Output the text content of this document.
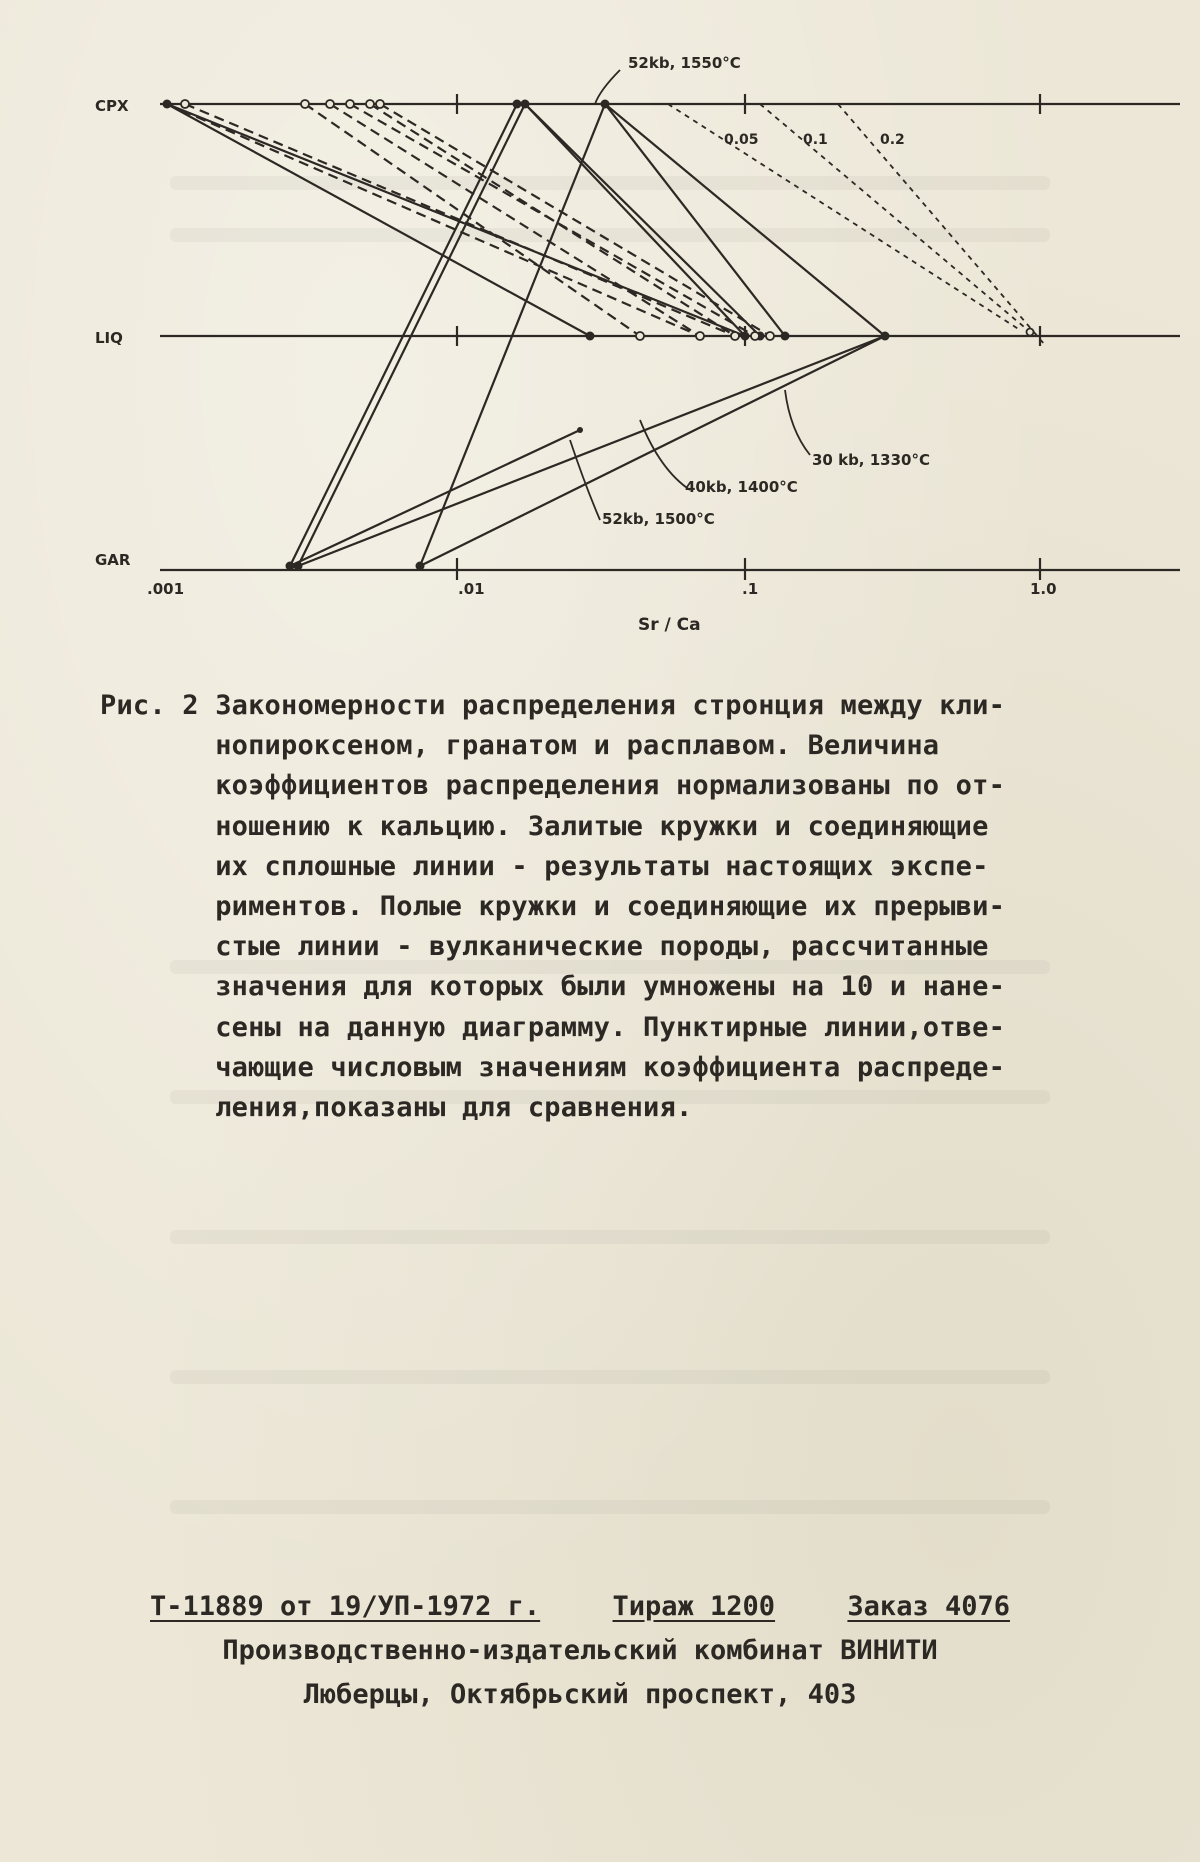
CPX
LIQ
GAR
.001	.01	.1	1.0
Sr / Ca
0.05	0.1	0.2
52kb, 1550°C
30 kb, 1330°C
40kb, 1400°C
52kb, 1500°C
Рис. 2 Закономерности распределения стронция между кли-
нопироксеном, гранатом и расплавом. Величина
коэффициентов распределения нормализованы по от-
ношению к кальцию. Залитые кружки и соединяющие
их сплошные линии - результаты настоящих экспе-
риментов. Полые кружки и соединяющие их прерыви-
стые линии - вулканические породы, рассчитанные
значения для которых были умножены на 10 и нане-
сены на данную диаграмму. Пунктирные линии,отве-
чающие числовым значениям коэффициента распреде-
ления,показаны для сравнения.
Т-11889 от 19/УП-1972 г.	Тираж 1200	Заказ 4076
Производственно-издательский комбинат ВИНИТИ
Люберцы, Октябрьский проспект, 403
